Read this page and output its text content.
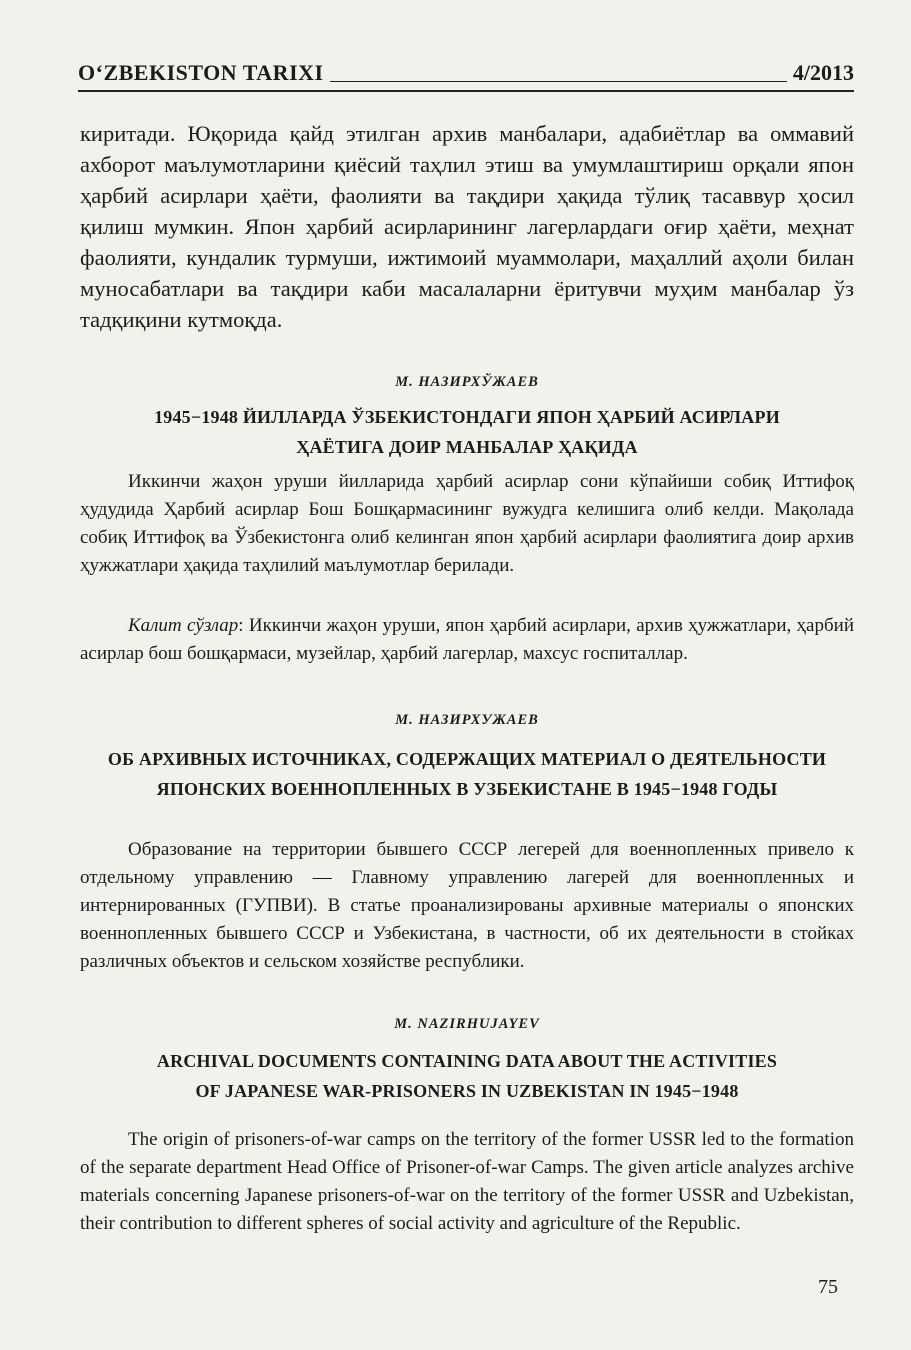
O‘ZBEKISTON TARIXI	4/2013
киритади. Юқорида қайд этилган архив манбалари, адабиётлар ва оммавий ахборот маълумотларини қиёсий таҳлил этиш ва умумлаштириш орқали япон ҳарбий асирлари ҳаёти, фаолияти ва тақдири ҳақида тўлиқ тасаввур ҳосил қилиш мумкин. Япон ҳарбий асирларининг лагерлардаги оғир ҳаёти, меҳнат фаолияти, кундалик турмуши, ижтимоий муаммолари, маҳаллий аҳоли билан муносабатлари ва тақдири каби масалаларни ёритувчи муҳим манбалар ўз тадқиқини кутмоқда.
М. НАЗИРХЎЖАЕВ
1945−1948 ЙИЛЛАРДА ЎЗБЕКИСТОНДАГИ ЯПОН ҲАРБИЙ АСИРЛАРИ
ҲАЁТИГА ДОИР МАНБАЛАР ҲАҚИДА
Иккинчи жаҳон уруши йилларида ҳарбий асирлар сони кўпайиши собиқ Иттифоқ ҳудудида Ҳарбий асирлар Бош Бошқармасининг вужудга келишига олиб келди. Мақолада собиқ Иттифоқ ва Ўзбекистонга олиб келинган япон ҳарбий асирлари фаолиятига доир архив ҳужжатлари ҳақида таҳлилий маълумотлар берилади.
Калит сўзлар: Иккинчи жаҳон уруши, япон ҳарбий асирлари, архив ҳужжатлари, ҳарбий асирлар бош бошқармаси, музейлар, ҳарбий лагерлар, махсус госпиталлар.
М. НАЗИРХУЖАЕВ
ОБ АРХИВНЫХ ИСТОЧНИКАХ, СОДЕРЖАЩИХ МАТЕРИАЛ О ДЕЯТЕЛЬНОСТИ
ЯПОНСКИХ ВОЕННОПЛЕННЫХ В УЗБЕКИСТАНЕ В 1945−1948 ГОДЫ
Образование на территории бывшего СССР легерей для военнопленных привело к отдельному управлению — Главному управлению лагерей для военнопленных и интернированных (ГУПВИ). В статье проанализированы архивные материалы о японских военнопленных бывшего СССР и Узбекистана, в частности, об их деятельности в стойках различных объектов и сельском хозяйстве республики.
M. NAZIRHUJAYEV
ARCHIVAL DOCUMENTS CONTAINING DATA ABOUT THE ACTIVITIES
OF JAPANESE WAR-PRISONERS IN UZBEKISTAN IN 1945−1948
The origin of prisoners-of-war camps on the territory of the former USSR led to the formation of the separate department Head Office of Prisoner-of-war Camps. The given article analyzes archive materials concerning Japanese prisoners-of-war on the territory of the former USSR and Uzbekistan, their contribution to different spheres of social activity and agriculture of the Republic.
75
